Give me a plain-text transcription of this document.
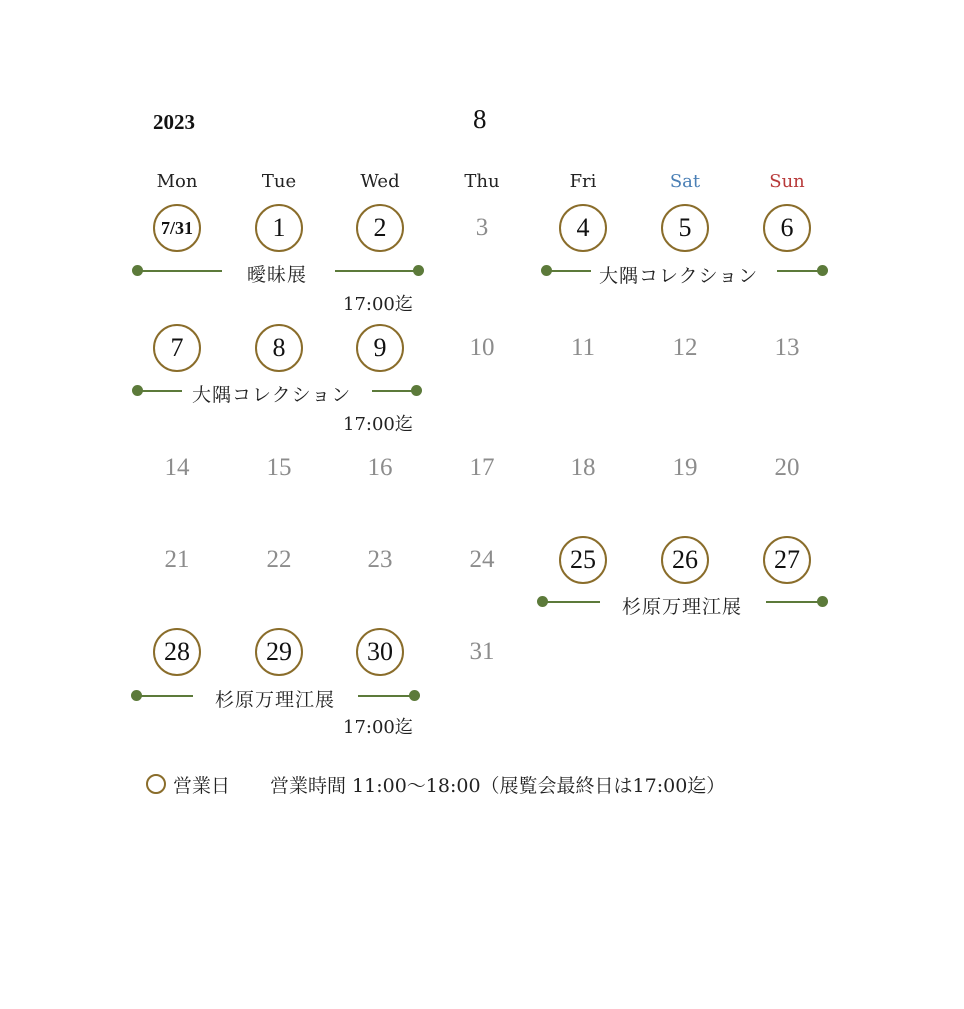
2023	8
Mon	Tue	Wed	Thu	Fri	Sat	Sun
7/31	1	2	3	4	5	6
曖昧展
17:00迄
大隅コレクション
7	8	9	10	11	12	13
大隅コレクション
17:00迄
14	15	16	17	18	19	20
21	22	23	24	25	26	27
杉原万理江展
28	29	30	31
杉原万理江展
17:00迄
営業日 営業時間 11:00〜18:00（展覧会最終日は17:00迄）
